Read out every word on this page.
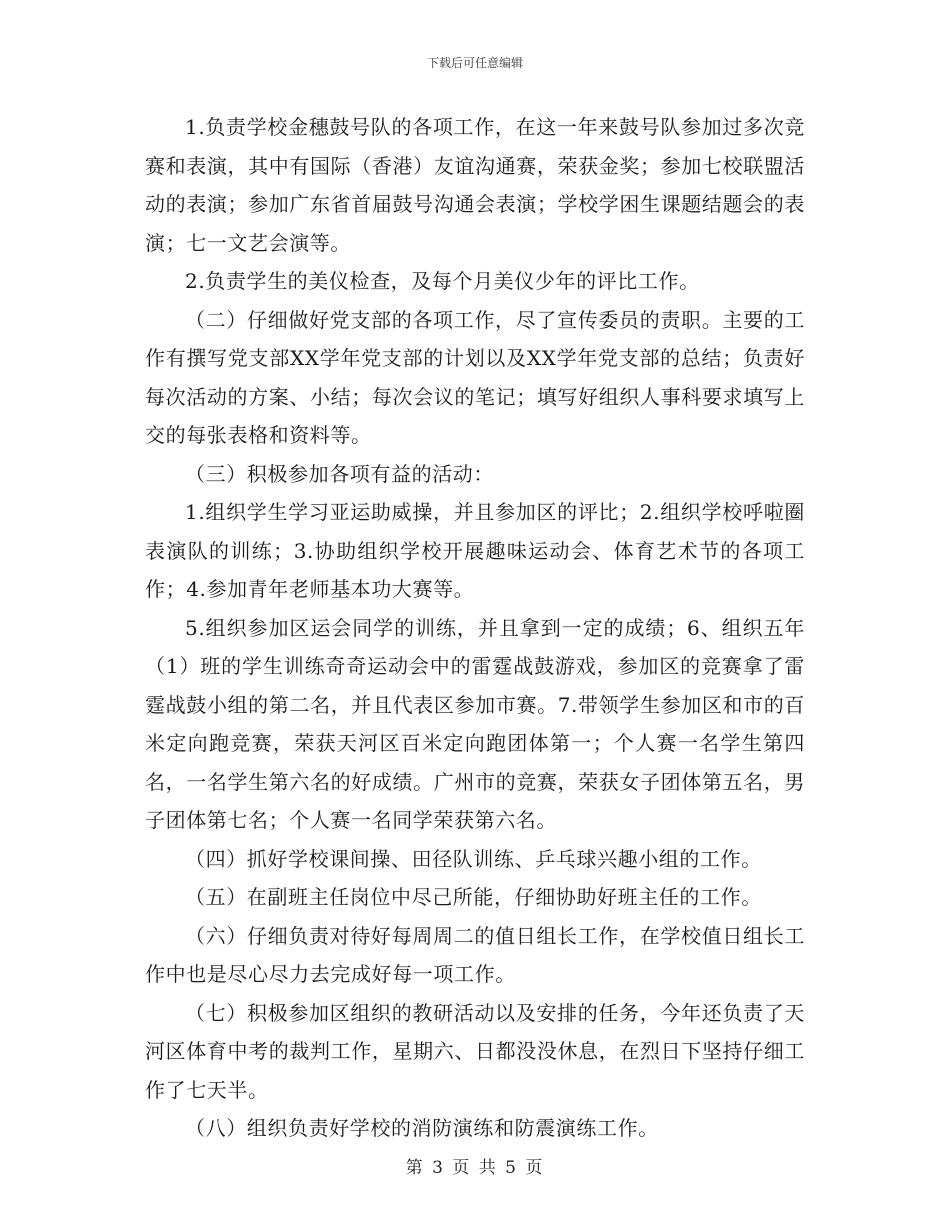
下载后可任意编辑

1.负责学校金穗鼓号队的各项工作，在这一年来鼓号队参加过多次竞赛和表演，其中有国际（香港）友谊沟通赛，荣获金奖；参加七校联盟活动的表演；参加广东省首届鼓号沟通会表演；学校学困生课题结题会的表演；七一文艺会演等。

2.负责学生的美仪检查，及每个月美仪少年的评比工作。

（二）仔细做好党支部的各项工作，尽了宣传委员的责职。主要的工作有撰写党支部XX学年党支部的计划以及XX学年党支部的总结；负责好每次活动的方案、小结；每次会议的笔记；填写好组织人事科要求填写上交的每张表格和资料等。

（三）积极参加各项有益的活动：

1.组织学生学习亚运助威操，并且参加区的评比；2.组织学校呼啦圈表演队的训练；3.协助组织学校开展趣味运动会、体育艺术节的各项工作；4.参加青年老师基本功大赛等。

5.组织参加区运会同学的训练，并且拿到一定的成绩；6、组织五年（1）班的学生训练奇奇运动会中的雷霆战鼓游戏，参加区的竞赛拿了雷霆战鼓小组的第二名，并且代表区参加市赛。7.带领学生参加区和市的百米定向跑竞赛，荣获天河区百米定向跑团体第一；个人赛一名学生第四名，一名学生第六名的好成绩。广州市的竞赛，荣获女子团体第五名，男子团体第七名；个人赛一名同学荣获第六名。

（四）抓好学校课间操、田径队训练、乒乓球兴趣小组的工作。

（五）在副班主任岗位中尽己所能，仔细协助好班主任的工作。

（六）仔细负责对待好每周周二的值日组长工作，在学校值日组长工作中也是尽心尽力去完成好每一项工作。

（七）积极参加区组织的教研活动以及安排的任务，今年还负责了天河区体育中考的裁判工作，星期六、日都没没休息，在烈日下坚持仔细工作了七天半。

（八）组织负责好学校的消防演练和防震演练工作。

第 3 页 共 5 页
